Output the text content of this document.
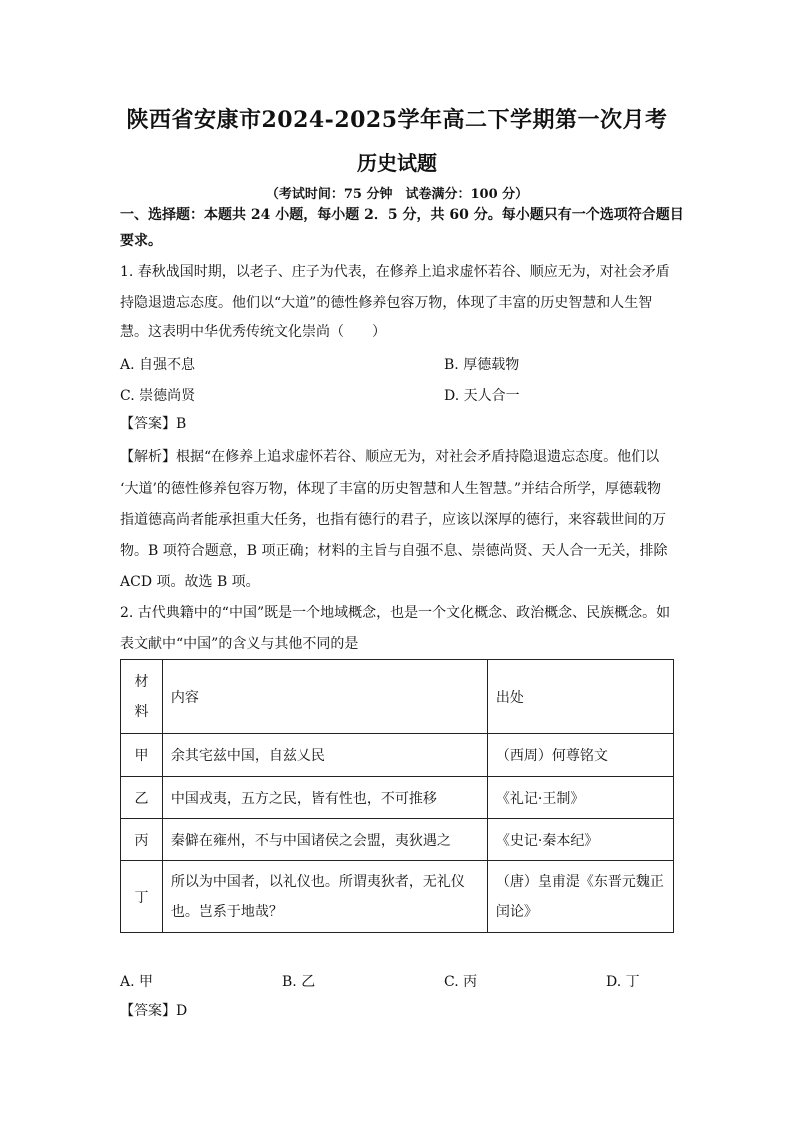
陕西省安康市2024-2025学年高二下学期第一次月考
历史试题
（考试时间：75 分钟　试卷满分：100 分）
一、选择题：本题共 24 小题，每小题 2．5 分，共 60 分。每小题只有一个选项符合题目
要求。
1. 春秋战国时期，以老子、庄子为代表，在修养上追求虚怀若谷、顺应无为，对社会矛盾
持隐退遗忘态度。他们以“大道”的德性修养包容万物，体现了丰富的历史智慧和人生智
慧。这表明中华优秀传统文化崇尚（　　）
A. 自强不息	B. 厚德载物
C. 崇德尚贤	D. 天人合一
【答案】B
【解析】根据“在修养上追求虚怀若谷、顺应无为，对社会矛盾持隐退遗忘态度。他们以
‘大道’的德性修养包容万物，体现了丰富的历史智慧和人生智慧。”并结合所学，厚德载物
指道德高尚者能承担重大任务，也指有德行的君子，应该以深厚的德行，来容载世间的万
物。B 项符合题意，B 项正确；材料的主旨与自强不息、崇德尚贤、天人合一无关，排除
ACD 项。故选 B 项。
2. 古代典籍中的“中国”既是一个地域概念，也是一个文化概念、政治概念、民族概念。如
表文献中“中国”的含义与其他不同的是
材
料	内容	出处
甲	余其宅兹中国，自兹乂民	（西周）何尊铭文
乙	中国戎夷，五方之民，皆有性也，不可推移	《礼记·王制》
丙	秦僻在雍州，不与中国诸侯之会盟，夷狄遇之	《史记·秦本纪》
丁	所以为中国者，以礼仪也。所谓夷狄者，无礼仪
也。岂系于地哉？	（唐）皇甫湜《东晋元魏正
闰论》
A. 甲	B. 乙	C. 丙	D. 丁
【答案】D
